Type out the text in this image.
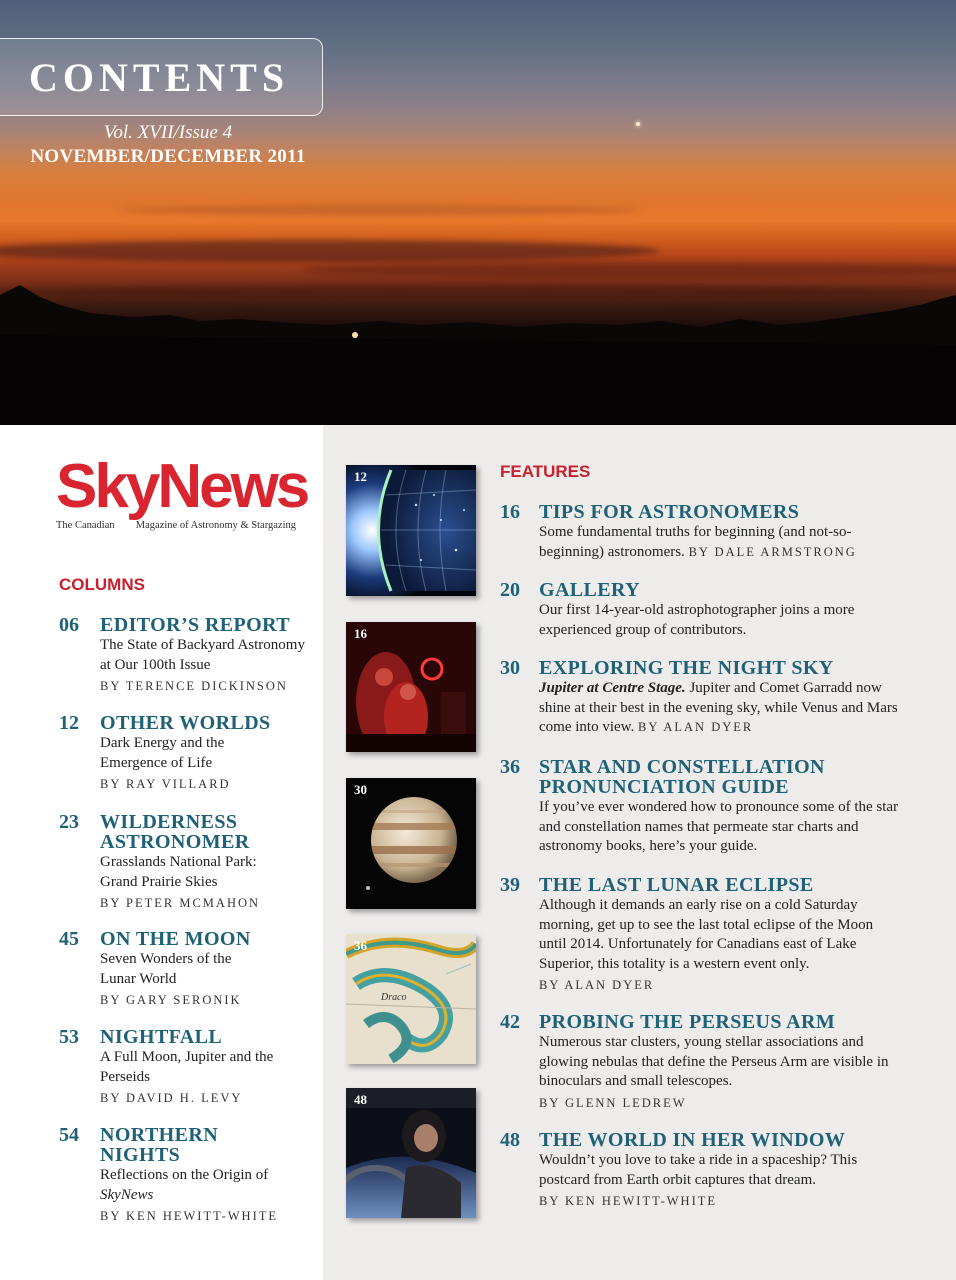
CONTENTS
Vol. XVII/Issue 4
NOVEMBER/DECEMBER 2011
SkyNews
The Canadian Magazine of Astronomy & Stargazing
COLUMNS
06	EDITOR’S REPORT
The State of Backyard Astronomy at Our 100th Issue
BY TERENCE DICKINSON
12	OTHER WORLDS
Dark Energy and the Emergence of Life
BY RAY VILLARD
23	WILDERNESS ASTRONOMER
Grasslands National Park: Grand Prairie Skies
BY PETER MCMAHON
45	ON THE MOON
Seven Wonders of the Lunar World
BY GARY SERONIK
53	NIGHTFALL
A Full Moon, Jupiter and the Perseids
BY DAVID H. LEVY
54	NORTHERN NIGHTS
Reflections on the Origin of SkyNews
BY KEN HEWITT-WHITE
12
16
30
Draco
36
48
FEATURES
16 TIPS FOR ASTRONOMERS
Some fundamental truths for beginning (and not-so-beginning) astronomers. BY DALE ARMSTRONG
20 GALLERY
Our first 14-year-old astrophotographer joins a more experienced group of contributors.
30 EXPLORING THE NIGHT SKY
Jupiter at Centre Stage. Jupiter and Comet Garradd now shine at their best in the evening sky, while Venus and Mars come into view. BY ALAN DYER
36 STAR AND CONSTELLATION PRONUNCIATION GUIDE
If you’ve ever wondered how to pronounce some of the star and constellation names that permeate star charts and astronomy books, here’s your guide.
39 THE LAST LUNAR ECLIPSE
Although it demands an early rise on a cold Saturday morning, get up to see the last total eclipse of the Moon until 2014. Unfortunately for Canadians east of Lake Superior, this totality is a western event only.
BY ALAN DYER
42 PROBING THE PERSEUS ARM
Numerous star clusters, young stellar associations and glowing nebulas that define the Perseus Arm are visible in binoculars and small telescopes.
BY GLENN LEDREW
48 THE WORLD IN HER WINDOW
Wouldn’t you love to take a ride in a spaceship? This postcard from Earth orbit captures that dream.
BY KEN HEWITT-WHITE
